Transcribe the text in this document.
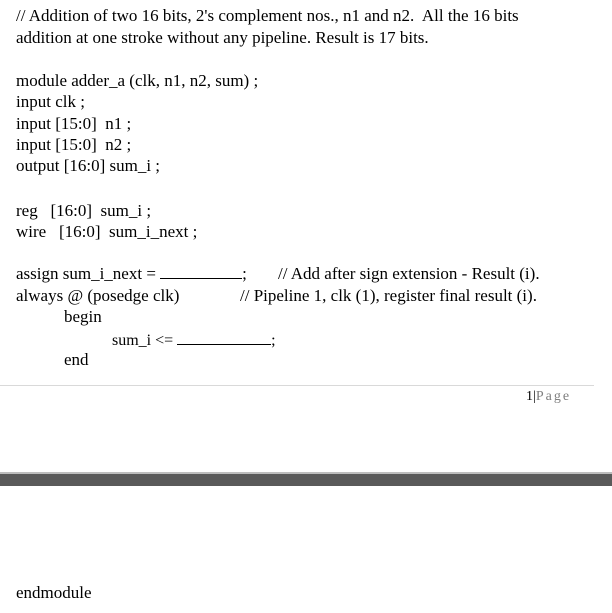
// Addition of two 16 bits, 2's complement nos., n1 and n2.  All the 16 bits
addition at one stroke without any pipeline. Result is 17 bits.
module adder_a (clk, n1, n2, sum) ;
input clk ;
input [15:0]  n1 ;
input [15:0]  n2 ;
output [16:0] sum_i ;
reg   [16:0]  sum_i ;
wire   [16:0]  sum_i_next ;
assign sum_i_next =	; // Add after sign extension - Result (i).
always @ (posedge clk)	// Pipeline 1, clk (1), register final result (i).
begin
sum_i <=	;
end
1|Page
endmodule
